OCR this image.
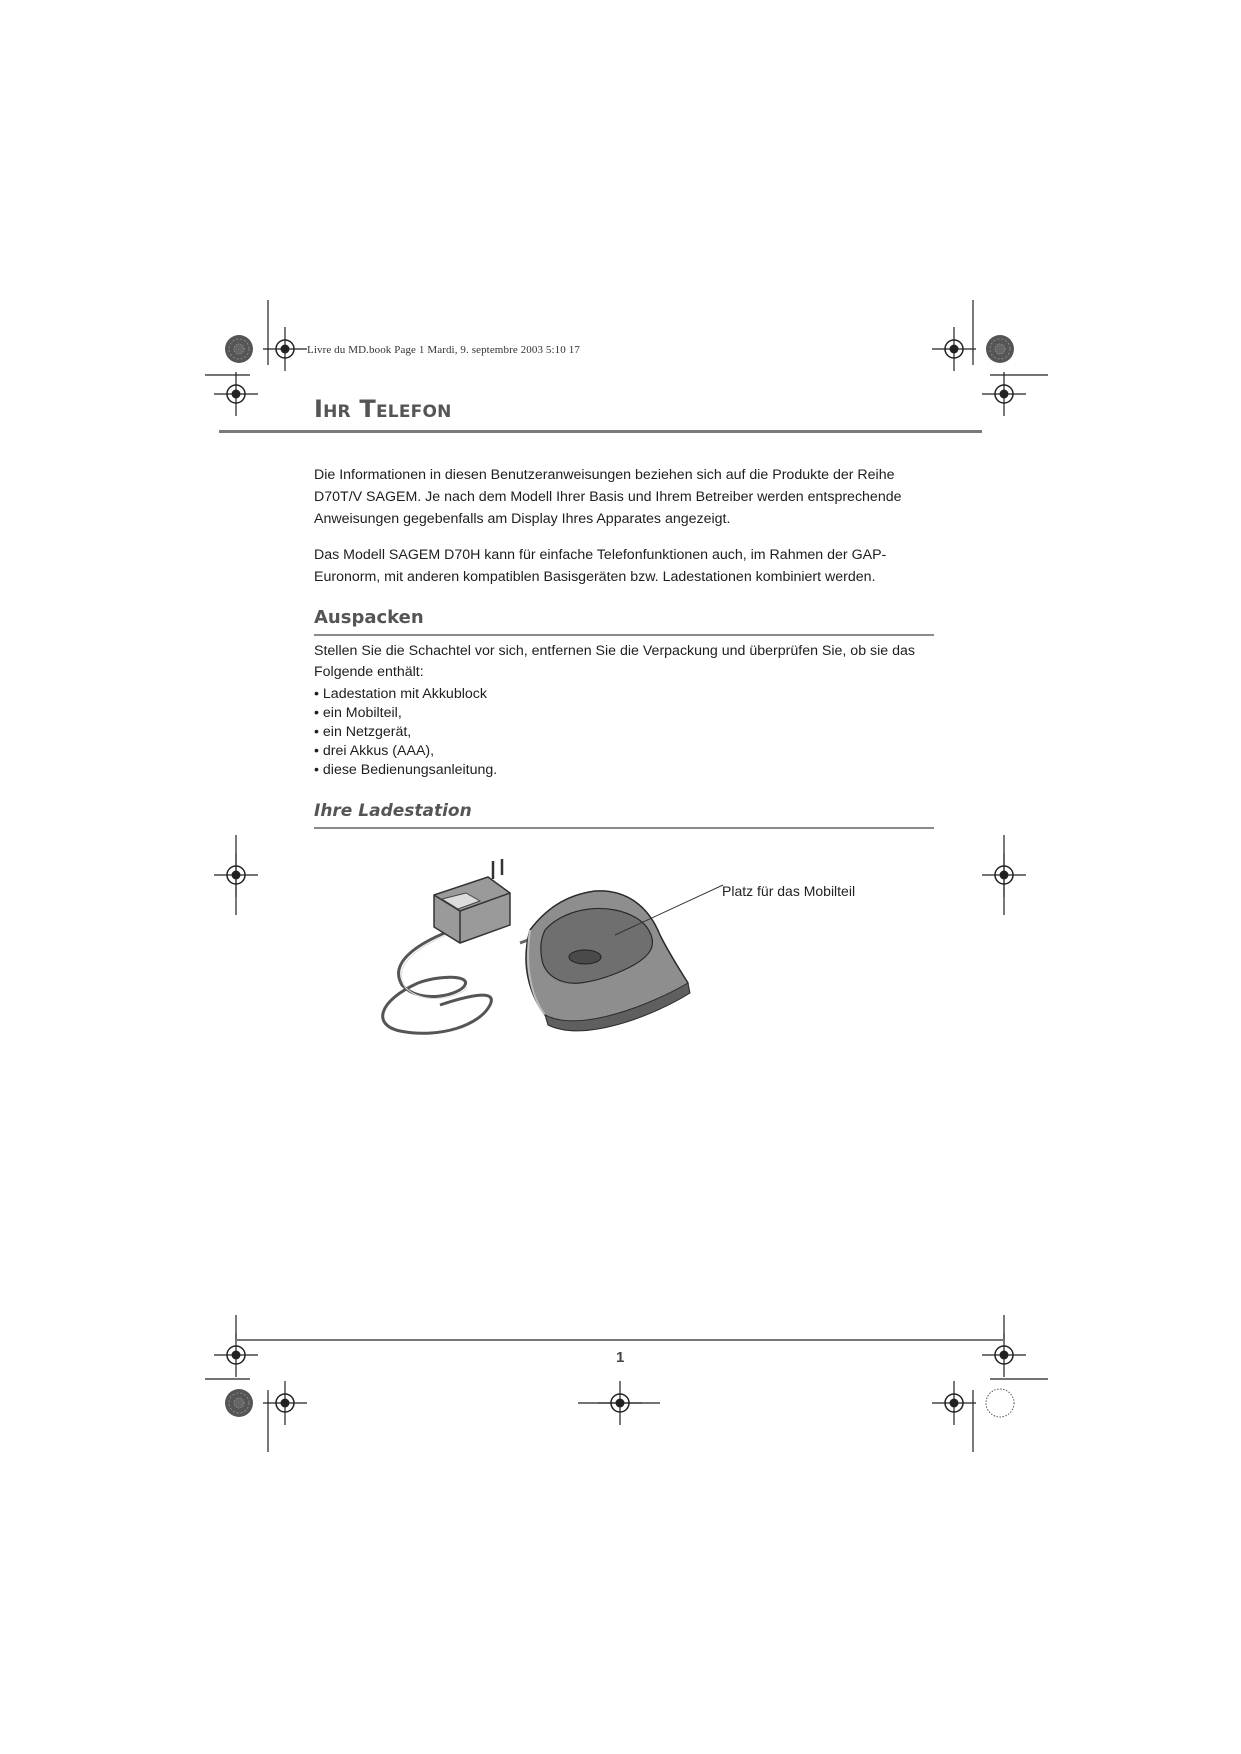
Livre du MD.book Page 1 Mardi, 9. septembre 2003 5:10 17
Ihr Telefon
Die Informationen in diesen Benutzeranweisungen beziehen sich auf die Produkte der Reihe D70T/V SAGEM. Je nach dem Modell Ihrer Basis und Ihrem Betreiber werden entsprechende Anweisungen gegebenfalls am Display Ihres Apparates angezeigt.
Das Modell SAGEM D70H kann für einfache Telefonfunktionen auch, im Rahmen der GAP-Euronorm, mit anderen kompatiblen Basisgeräten bzw. Ladestationen kombiniert werden.
Auspacken
Stellen Sie die Schachtel vor sich, entfernen Sie die Verpackung und überprüfen Sie, ob sie das Folgende enthält:
• Ladestation mit Akkublock
• ein Mobilteil,
• ein Netzgerät,
• drei Akkus (AAA),
• diese Bedienungsanleitung.
Ihre Ladestation
Platz für das Mobilteil
1
